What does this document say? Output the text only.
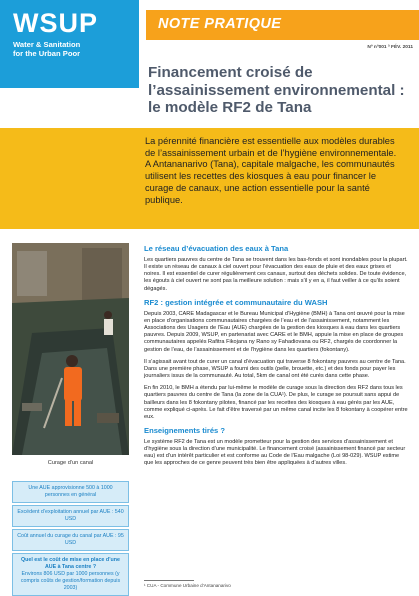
WSUP
Water & Sanitation
for the Urban Poor
NOTE PRATIQUE
Nº nº001 ª FÉV. 2011
Financement croisé de
l’assainissement environnemental :
le modèle RF2 de Tana
La pérennité financière est essentielle aux modèles durables de l’assainissement urbain et de l’hygiène environnementale. A Antananarivo (Tana), capitale malgache, les communautés utilisent les recettes des kiosques à eau pour financer le curage de canaux, une action essentielle pour la santé publique.
Curage d’un canal
Une AUE approvisionne 500 à 1000 personnes en général
Excédent d’exploitation annuel par AUE : 540 USD
Coût annuel du curage du canal par AUE : 95 USD
Quel est le coût de mise en place d’une AUE à Tana centre ?
Environs 806 USD par 1000 personnes (y compris coûts de gestion/formation depuis 2003)
Le réseau d’évacuation des eaux à Tana
Les quartiers pauvres du centre de Tana se trouvent dans les bas-fonds et sont inondables pour la plupart. Il existe un réseau de canaux à ciel ouvert pour l’évacuation des eaux de pluie et des eaux grises et noires. Il est essentiel de curer régulièrement ces canaux, surtout des déchets solides. De toute évidence, les égouts à ciel ouvert ne sont pas la meilleure solution : mais s’il y en a, il faut veiller à ce qu’ils soient dégagés.
RF2 : gestion intégrée et communautaire du WASH
Depuis 2003, CARE Madagascar et le Bureau Municipal d’Hygiène (BMH) à Tana ont œuvré pour la mise en place d’organisations communautaires chargées de l’eau et de l’assainissement, notamment les Associations des Usagers de l’Eau (AUE) chargées de la gestion des kiosques à eau dans les quartiers pauvres. Depuis 2009, WSUP, en partenariat avec CARE et le BMH, appuie la mise en place de groupes communautaires appelés Rafitra Fikojana ny Rano sy Fahadiovana ou RF2, chargés de coordonner la gestion de l’eau, de l’assainissement et de l’hygiène dans les quartiers (fokontany).
Il s’agissait avant tout de curer un canal d’évacuation qui traverse 8 fokontany pauvres au centre de Tana. Dans une première phase, WSUP a fourni des outils (pelle, brouette, etc.) et des fonds pour payer les journaliers issus de la communauté. Au total, 5km de canal ont été curés dans cette phase.
En fin 2010, le BMH a étendu par lui-même le modèle de curage sous la direction des RF2 dans tous les quartiers pauvres du centre de Tana (la zone de la CUA¹). De plus, le curage se poursuit sans appui de bailleurs dans les 8 fokontany pilotes, financé par les recettes des kiosques à eau gérés par les AUE, comme expliqué ci-après. Le fait d’être traversé par un même canal incite les 8 fokontany à coopérer entre eux.
Enseignements tirés ?
Le système RF2 de Tana est un modèle prometteur pour la gestion des services d’assainissement et d’hygiène sous la direction d’une municipalité. Le financement croisé (assainissement financé par secteur eau) est d’un intérêt particulier et est conforme au Code de l’Eau malgache (Loi 98-029). WSUP estime que les approches de ce genre peuvent très bien être appliquées à d’autres villes.
¹ CUA - Commune Urbaine d’Antananarivo
